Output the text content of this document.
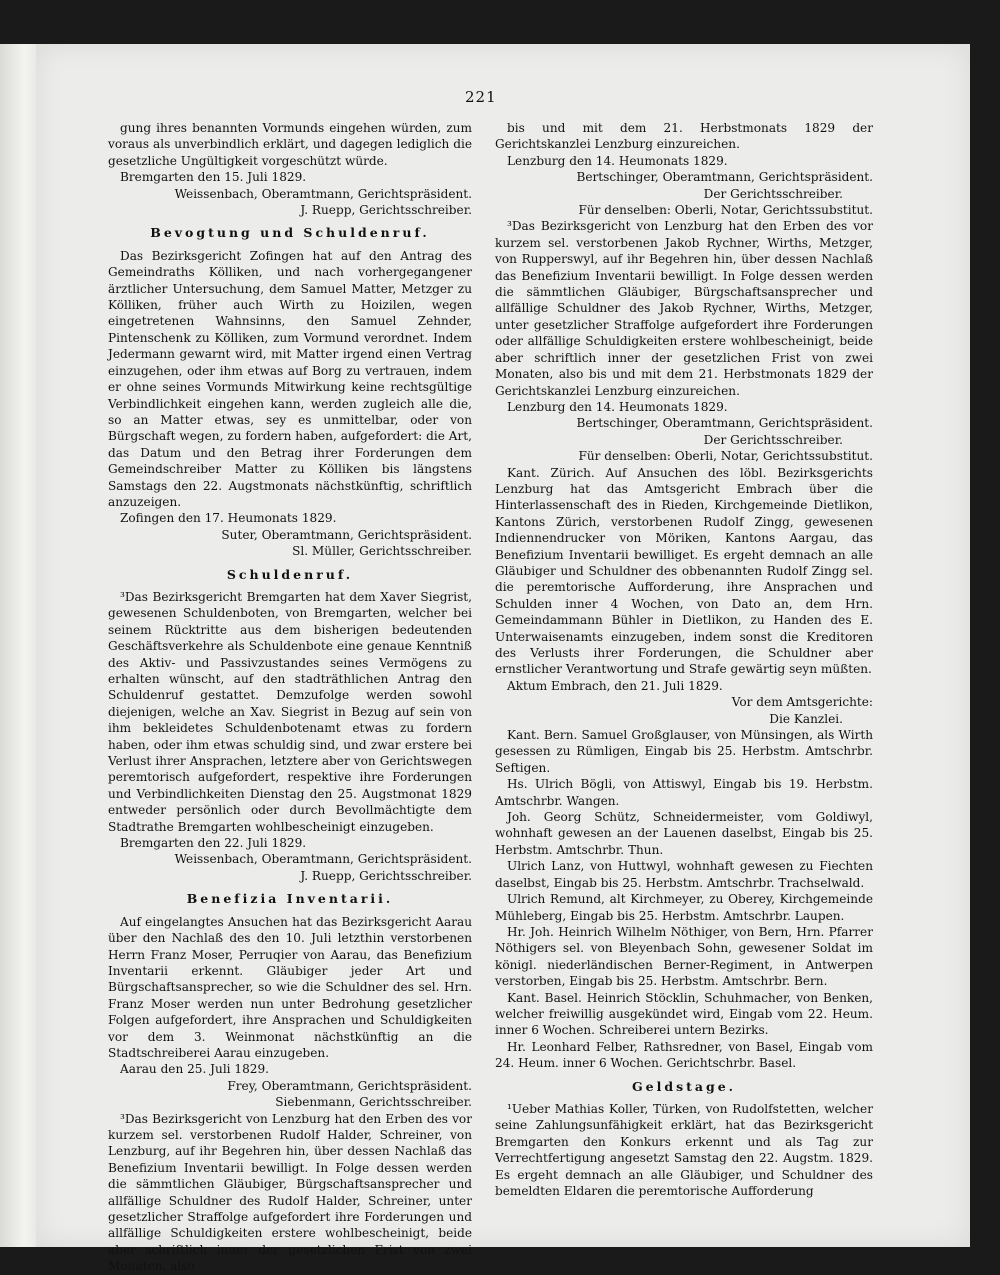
221

gung ihres benannten Vormunds eingehen würden, zum voraus als unverbindlich erklärt, und dagegen lediglich die gesetzliche Ungültigkeit vorgeschützt würde.

Bremgarten den 15. Juli 1829.

Weissenbach, Oberamtmann, Gerichtspräsident.

J. Ruepp, Gerichtsschreiber.

Bevogtung und Schuldenruf.

Das Bezirksgericht Zofingen hat auf den Antrag des Gemeindraths Kölliken, und nach vorhergegangener ärztlicher Untersuchung, dem Samuel Matter, Metzger zu Kölliken, früher auch Wirth zu Hoizilen, wegen eingetretenen Wahnsinns, den Samuel Zehnder, Pintenschenk zu Kölliken, zum Vormund verordnet. Indem Jedermann gewarnt wird, mit Matter irgend einen Vertrag einzugehen, oder ihm etwas auf Borg zu vertrauen, indem er ohne seines Vormunds Mitwirkung keine rechtsgültige Verbindlichkeit eingehen kann, werden zugleich alle die, so an Matter etwas, sey es unmittelbar, oder von Bürgschaft wegen, zu fordern haben, aufgefordert: die Art, das Datum und den Betrag ihrer Forderungen dem Gemeindschreiber Matter zu Kölliken bis längstens Samstags den 22. Augstmonats nächstkünftig, schriftlich anzuzeigen.

Zofingen den 17. Heumonats 1829.

Suter, Oberamtmann, Gerichtspräsident.

Sl. Müller, Gerichtsschreiber.

Schuldenruf.

³Das Bezirksgericht Bremgarten hat dem Xaver Siegrist, gewesenen Schuldenboten, von Bremgarten, welcher bei seinem Rücktritte aus dem bisherigen bedeutenden Geschäftsverkehre als Schuldenbote eine genaue Kenntniß des Aktiv- und Passivzustandes seines Vermögens zu erhalten wünscht, auf den stadträthlichen Antrag den Schuldenruf gestattet. Demzufolge werden sowohl diejenigen, welche an Xav. Siegrist in Bezug auf sein von ihm bekleidetes Schuldenbotenamt etwas zu fordern haben, oder ihm etwas schuldig sind, und zwar erstere bei Verlust ihrer Ansprachen, letztere aber von Gerichtswegen peremtorisch aufgefordert, respektive ihre Forderungen und Verbindlichkeiten Dienstag den 25. Augstmonat 1829 entweder persönlich oder durch Bevollmächtigte dem Stadtrathe Bremgarten wohlbescheinigt einzugeben.

Bremgarten den 22. Juli 1829.

Weissenbach, Oberamtmann, Gerichtspräsident.

J. Ruepp, Gerichtsschreiber.

Benefizia Inventarii.

Auf eingelangtes Ansuchen hat das Bezirksgericht Aarau über den Nachlaß des den 10. Juli letzthin verstorbenen Herrn Franz Moser, Perruqier von Aarau, das Benefizium Inventarii erkennt. Gläubiger jeder Art und Bürgschaftsansprecher, so wie die Schuldner des sel. Hrn. Franz Moser werden nun unter Bedrohung gesetzlicher Folgen aufgefordert, ihre Ansprachen und Schuldigkeiten vor dem 3. Weinmonat nächstkünftig an die Stadtschreiberei Aarau einzugeben.

Aarau den 25. Juli 1829.

Frey, Oberamtmann, Gerichtspräsident.

Siebenmann, Gerichtsschreiber.

³Das Bezirksgericht von Lenzburg hat den Erben des vor kurzem sel. verstorbenen Rudolf Halder, Schreiner, von Lenzburg, auf ihr Begehren hin, über dessen Nachlaß das Benefizium Inventarii bewilligt. In Folge dessen werden die sämmtlichen Gläubiger, Bürgschaftsansprecher und allfällige Schuldner des Rudolf Halder, Schreiner, unter gesetzlicher Straffolge aufgefordert ihre Forderungen und allfällige Schuldigkeiten erstere wohlbescheinigt, beide aber schriftlich inner der gesetzlichen Frist von zwei Monaten, also

bis und mit dem 21. Herbstmonats 1829 der Gerichtskanzlei Lenzburg einzureichen.

Lenzburg den 14. Heumonats 1829.

Bertschinger, Oberamtmann, Gerichtspräsident.

Der Gerichtsschreiber.

Für denselben: Oberli, Notar, Gerichtssubstitut.

³Das Bezirksgericht von Lenzburg hat den Erben des vor kurzem sel. verstorbenen Jakob Rychner, Wirths, Metzger, von Rupperswyl, auf ihr Begehren hin, über dessen Nachlaß das Benefizium Inventarii bewilligt. In Folge dessen werden die sämmtlichen Gläubiger, Bürgschaftsansprecher und allfällige Schuldner des Jakob Rychner, Wirths, Metzger, unter gesetzlicher Straffolge aufgefordert ihre Forderungen oder allfällige Schuldigkeiten erstere wohlbescheinigt, beide aber schriftlich inner der gesetzlichen Frist von zwei Monaten, also bis und mit dem 21. Herbstmonats 1829 der Gerichtskanzlei Lenzburg einzureichen.

Lenzburg den 14. Heumonats 1829.

Bertschinger, Oberamtmann, Gerichtspräsident.

Der Gerichtsschreiber.

Für denselben: Oberli, Notar, Gerichtssubstitut.

Kant. Zürich. Auf Ansuchen des löbl. Bezirksgerichts Lenzburg hat das Amtsgericht Embrach über die Hinterlassenschaft des in Rieden, Kirchgemeinde Dietlikon, Kantons Zürich, verstorbenen Rudolf Zingg, gewesenen Indiennendrucker von Möriken, Kantons Aargau, das Benefizium Inventarii bewilliget. Es ergeht demnach an alle Gläubiger und Schuldner des obbenannten Rudolf Zingg sel. die peremtorische Aufforderung, ihre Ansprachen und Schulden inner 4 Wochen, von Dato an, dem Hrn. Gemeindammann Bühler in Dietlikon, zu Handen des E. Unterwaisenamts einzugeben, indem sonst die Kreditoren des Verlusts ihrer Forderungen, die Schuldner aber ernstlicher Verantwortung und Strafe gewärtig seyn müßten.

Aktum Embrach, den 21. Juli 1829.

Vor dem Amtsgerichte:

Die Kanzlei.

Kant. Bern. Samuel Großglauser, von Münsingen, als Wirth gesessen zu Rümligen, Eingab bis 25. Herbstm. Amtschrbr. Seftigen.

Hs. Ulrich Bögli, von Attiswyl, Eingab bis 19. Herbstm. Amtschrbr. Wangen.

Joh. Georg Schütz, Schneidermeister, vom Goldiwyl, wohnhaft gewesen an der Lauenen daselbst, Eingab bis 25. Herbstm. Amtschrbr. Thun.

Ulrich Lanz, von Huttwyl, wohnhaft gewesen zu Fiechten daselbst, Eingab bis 25. Herbstm. Amtschrbr. Trachselwald.

Ulrich Remund, alt Kirchmeyer, zu Oberey, Kirchgemeinde Mühleberg, Eingab bis 25. Herbstm. Amtschrbr. Laupen.

Hr. Joh. Heinrich Wilhelm Nöthiger, von Bern, Hrn. Pfarrer Nöthigers sel. von Bleyenbach Sohn, gewesener Soldat im königl. niederländischen Berner-Regiment, in Antwerpen verstorben, Eingab bis 25. Herbstm. Amtschrbr. Bern.

Kant. Basel. Heinrich Stöcklin, Schuhmacher, von Benken, welcher freiwillig ausgekündet wird, Eingab vom 22. Heum. inner 6 Wochen. Schreiberei untern Bezirks.

Hr. Leonhard Felber, Rathsredner, von Basel, Eingab vom 24. Heum. inner 6 Wochen. Gerichtschrbr. Basel.

Geldstage.

¹Ueber Mathias Koller, Türken, von Rudolfstetten, welcher seine Zahlungsunfähigkeit erklärt, hat das Bezirksgericht Bremgarten den Konkurs erkennt und als Tag zur Verrechtfertigung angesetzt Samstag den 22. Augstm. 1829. Es ergeht demnach an alle Gläubiger, und Schuldner des bemeldten Eldaren die peremtorische Aufforderung
